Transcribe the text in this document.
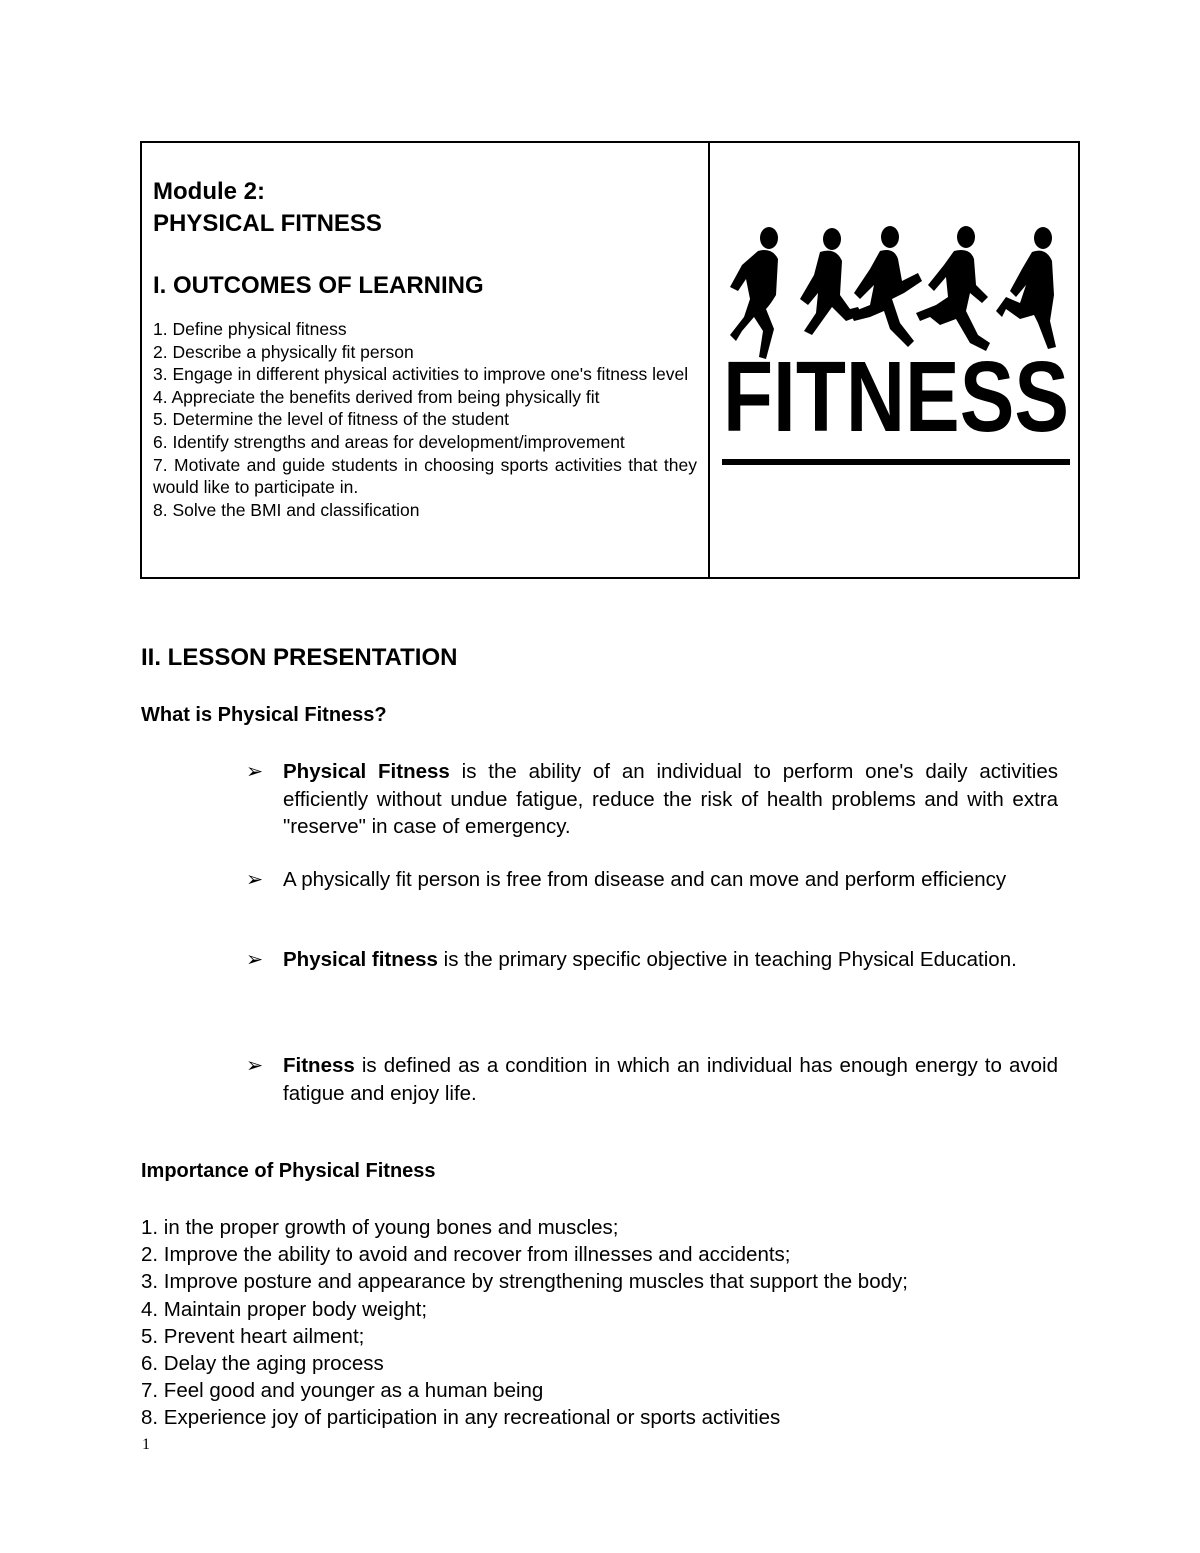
Module 2:
PHYSICAL FITNESS
I. OUTCOMES OF LEARNING
1. Define physical fitness
2. Describe a physically fit person
3. Engage in different physical activities to improve one's fitness level
4. Appreciate the benefits derived from being physically fit
5. Determine the level of fitness of the student
6. Identify strengths and areas for development/improvement
7. Motivate and guide students in choosing sports activities that they would like to participate in.
8. Solve the BMI and classification
FITNESS
II. LESSON PRESENTATION
What is Physical Fitness?
➢ Physical Fitness is the ability of an individual to perform one's daily activities efficiently without undue fatigue, reduce the risk of health problems and with extra "reserve" in case of emergency.
➢ A physically fit person is free from disease and can move and perform efficiency
➢ Physical fitness is the primary specific objective in teaching Physical Education.
➢ Fitness is defined as a condition in which an individual has enough energy to avoid fatigue and enjoy life.
Importance of Physical Fitness
1. in the proper growth of young bones and muscles;
2. Improve the ability to avoid and recover from illnesses and accidents;
3. Improve posture and appearance by strengthening muscles that support the body;
4. Maintain proper body weight;
5. Prevent heart ailment;
6. Delay the aging process
7. Feel good and younger as a human being
8. Experience joy of participation in any recreational or sports activities
1
